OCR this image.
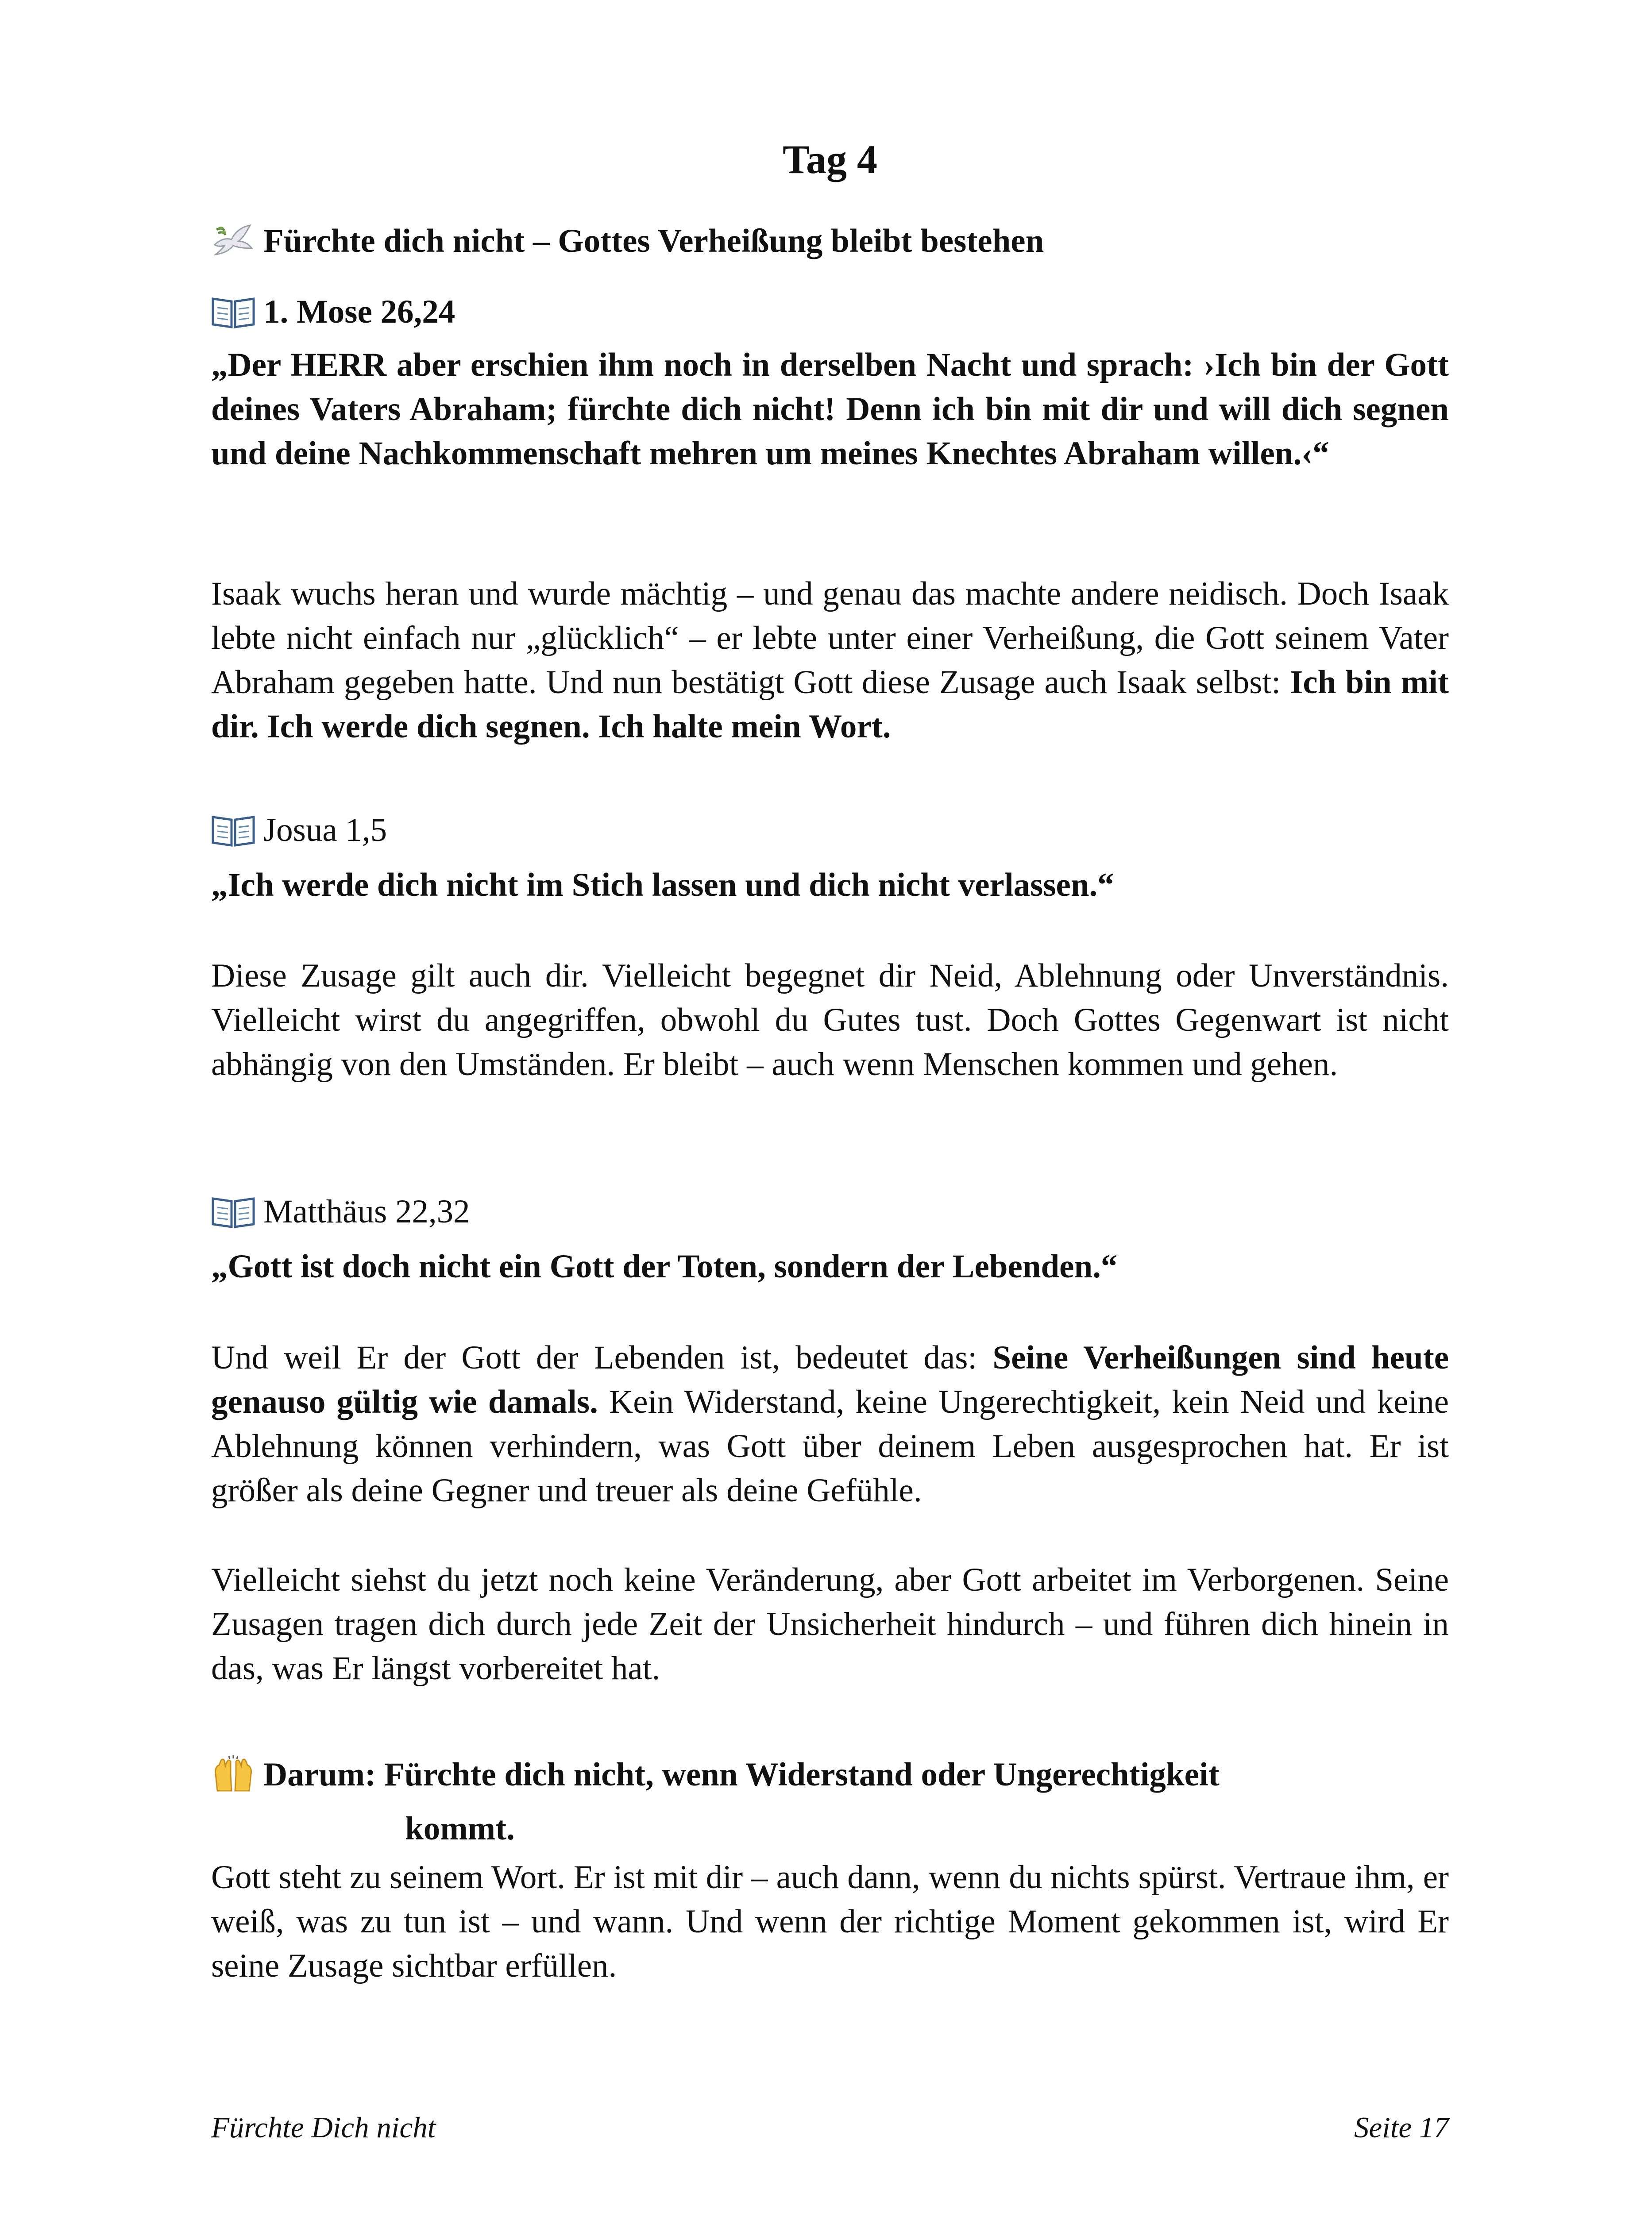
Tag 4

Fürchte dich nicht – Gottes Verheißung bleibt bestehen

1. Mose 26,24

„Der HERR aber erschien ihm noch in derselben Nacht und sprach: ›Ich bin der Gott deines Vaters Abraham; fürchte dich nicht! Denn ich bin mit dir und will dich segnen und deine Nachkommenschaft mehren um meines Knechtes Abraham willen.‹“

Isaak wuchs heran und wurde mächtig – und genau das machte andere neidisch. Doch Isaak lebte nicht einfach nur „glücklich“ – er lebte unter einer Verheißung, die Gott seinem Vater Abraham gegeben hatte. Und nun bestätigt Gott diese Zusage auch Isaak selbst: Ich bin mit dir. Ich werde dich segnen. Ich halte mein Wort.

Josua 1,5

„Ich werde dich nicht im Stich lassen und dich nicht verlassen.“

Diese Zusage gilt auch dir. Vielleicht begegnet dir Neid, Ablehnung oder Unverständnis. Vielleicht wirst du angegriffen, obwohl du Gutes tust. Doch Gottes Gegenwart ist nicht abhängig von den Umständen. Er bleibt – auch wenn Menschen kommen und gehen.

Matthäus 22,32

„Gott ist doch nicht ein Gott der Toten, sondern der Lebenden.“

Und weil Er der Gott der Lebenden ist, bedeutet das: Seine Verheißungen sind heute genauso gültig wie damals. Kein Widerstand, keine Ungerechtigkeit, kein Neid und keine Ablehnung können verhindern, was Gott über deinem Leben ausgesprochen hat. Er ist größer als deine Gegner und treuer als deine Gefühle.

Vielleicht siehst du jetzt noch keine Veränderung, aber Gott arbeitet im Verborgenen. Seine Zusagen tragen dich durch jede Zeit der Unsicherheit hindurch – und führen dich hinein in das, was Er längst vorbereitet hat.

Darum: Fürchte dich nicht, wenn Widerstand oder Ungerechtigkeit
kommt.

Gott steht zu seinem Wort. Er ist mit dir – auch dann, wenn du nichts spürst. Vertraue ihm, er weiß, was zu tun ist – und wann. Und wenn der richtige Moment gekommen ist, wird Er seine Zusage sichtbar erfüllen.

Fürchte Dich nicht	Seite 17
